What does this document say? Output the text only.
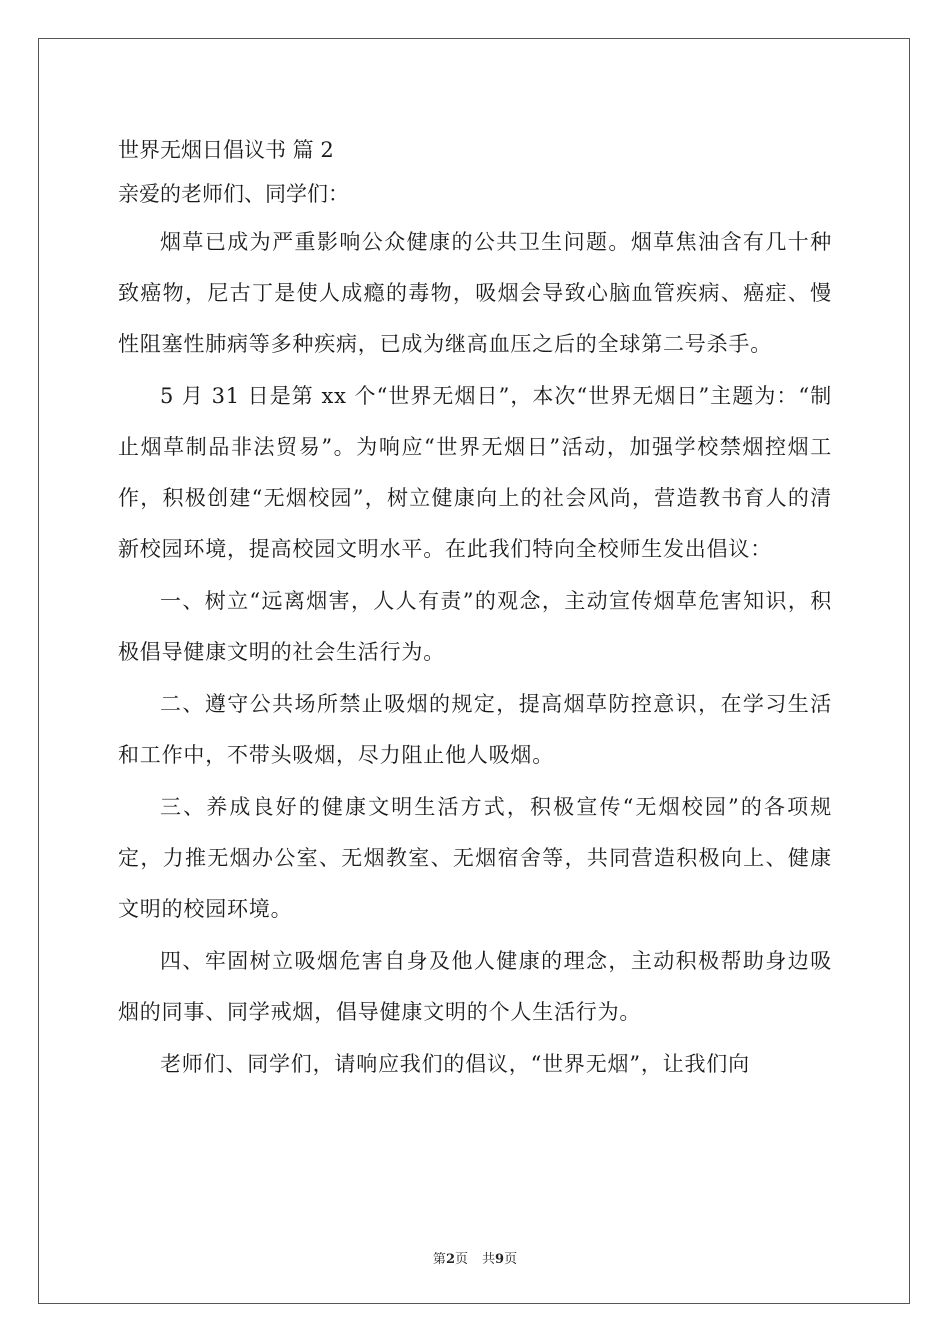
世界无烟日倡议书 篇 2

亲爱的老师们、同学们：

烟草已成为严重影响公众健康的公共卫生问题。烟草焦油含有几十种致癌物，尼古丁是使人成瘾的毒物，吸烟会导致心脑血管疾病、癌症、慢性阻塞性肺病等多种疾病，已成为继高血压之后的全球第二号杀手。

5 月 31 日是第 xx 个“世界无烟日”，本次“世界无烟日”主题为：“制止烟草制品非法贸易”。为响应“世界无烟日”活动，加强学校禁烟控烟工作，积极创建“无烟校园”，树立健康向上的社会风尚，营造教书育人的清新校园环境，提高校园文明水平。在此我们特向全校师生发出倡议：

一、树立“远离烟害，人人有责”的观念，主动宣传烟草危害知识，积极倡导健康文明的社会生活行为。

二、遵守公共场所禁止吸烟的规定，提高烟草防控意识，在学习生活和工作中，不带头吸烟，尽力阻止他人吸烟。

三、养成良好的健康文明生活方式，积极宣传“无烟校园”的各项规定，力推无烟办公室、无烟教室、无烟宿舍等，共同营造积极向上、健康文明的校园环境。

四、牢固树立吸烟危害自身及他人健康的理念，主动积极帮助身边吸烟的同事、同学戒烟，倡导健康文明的个人生活行为。

老师们、同学们，请响应我们的倡议，“世界无烟”，让我们向

第2页 共9页
